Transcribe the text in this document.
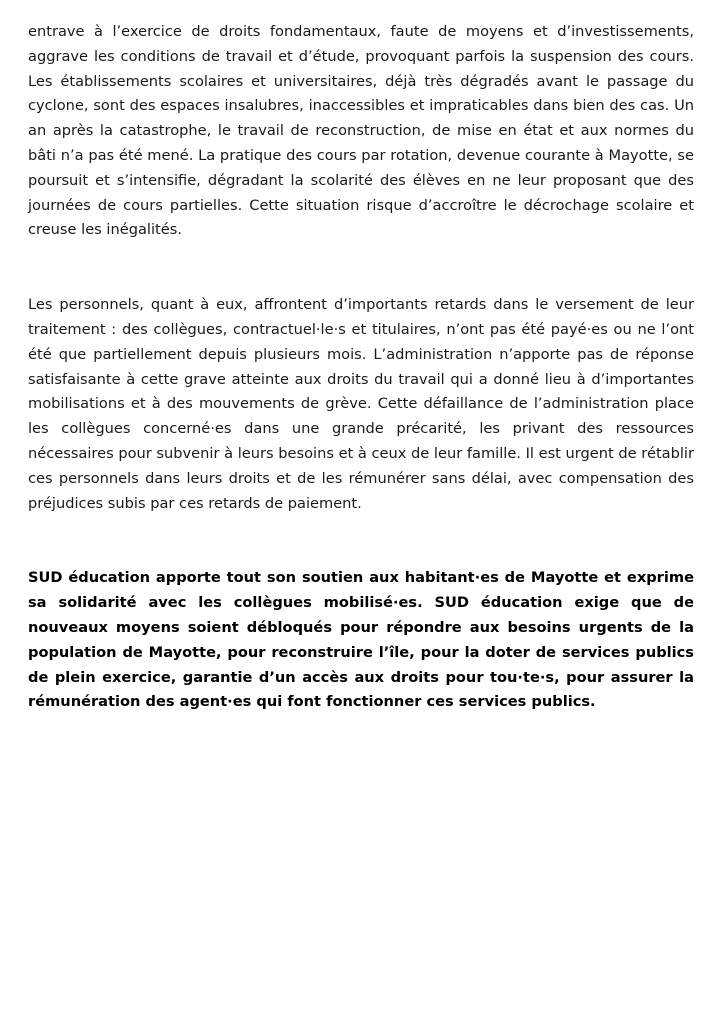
entrave à l’exercice de droits fondamentaux, faute de moyens et d’investissements, aggrave les conditions de travail et d’étude, provoquant parfois la suspension des cours. Les établissements scolaires et universitaires, déjà très dégradés avant le passage du cyclone, sont des espaces insalubres, inaccessibles et impraticables dans bien des cas. Un an après la catastrophe, le travail de reconstruction, de mise en état et aux normes du bâti n’a pas été mené. La pratique des cours par rotation, devenue courante à Mayotte, se poursuit et s’intensifie, dégradant la scolarité des élèves en ne leur proposant que des journées de cours partielles. Cette situation risque d’accroître le décrochage scolaire et creuse les inégalités.

Les personnels, quant à eux, affrontent d’importants retards dans le versement de leur traitement : des collègues, contractuel·le·s et titulaires, n’ont pas été payé·es ou ne l’ont été que partiellement depuis plusieurs mois. L’administration n’apporte pas de réponse satisfaisante à cette grave atteinte aux droits du travail qui a donné lieu à d’importantes mobilisations et à des mouvements de grève. Cette défaillance de l’administration place les collègues concerné·es dans une grande précarité, les privant des ressources nécessaires pour subvenir à leurs besoins et à ceux de leur famille. Il est urgent de rétablir ces personnels dans leurs droits et de les rémunérer sans délai, avec compensation des préjudices subis par ces retards de paiement.

SUD éducation apporte tout son soutien aux habitant·es de Mayotte et exprime sa solidarité avec les collègues mobilisé·es. SUD éducation exige que de nouveaux moyens soient débloqués pour répondre aux besoins urgents de la population de Mayotte, pour reconstruire l’île, pour la doter de services publics de plein exercice, garantie d’un accès aux droits pour tou·te·s, pour assurer la rémunération des agent·es qui font fonctionner ces services publics.
